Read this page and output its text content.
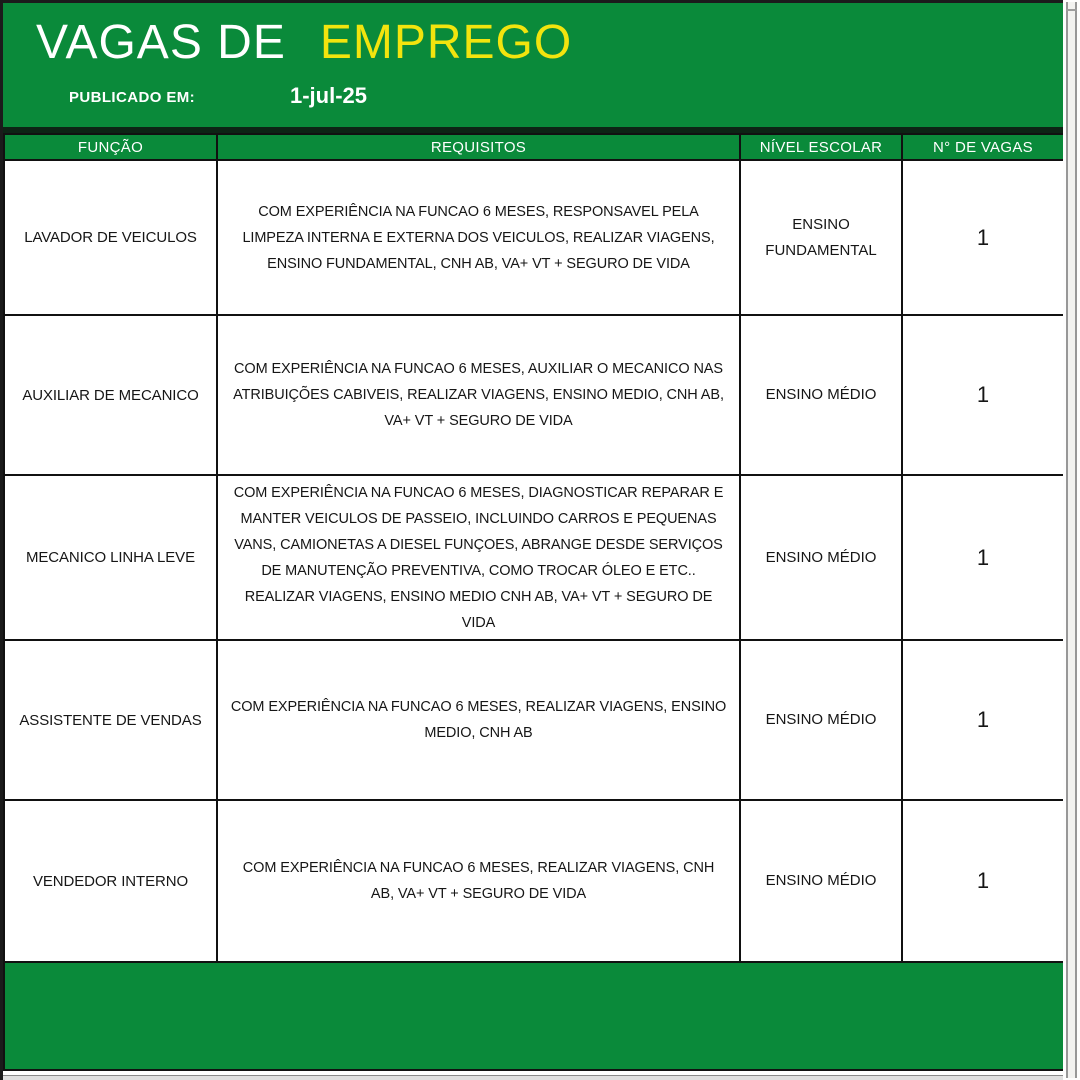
VAGAS DE EMPREGO
PUBLICADO EM:	1-jul-25
FUNÇÃO	REQUISITOS	NÍVEL ESCOLAR	N° DE VAGAS
LAVADOR DE VEICULOS	COM EXPERIÊNCIA NA FUNCAO 6 MESES, RESPONSAVEL PELA LIMPEZA INTERNA E EXTERNA DOS VEICULOS, REALIZAR VIAGENS, ENSINO FUNDAMENTAL, CNH AB, VA+ VT + SEGURO DE VIDA	ENSINO FUNDAMENTAL	1
AUXILIAR DE MECANICO	COM EXPERIÊNCIA NA FUNCAO 6 MESES, AUXILIAR O MECANICO NAS ATRIBUIÇÕES CABIVEIS, REALIZAR VIAGENS, ENSINO MEDIO, CNH AB, VA+ VT + SEGURO DE VIDA	ENSINO MÉDIO	1
MECANICO LINHA LEVE	COM EXPERIÊNCIA NA FUNCAO 6 MESES, DIAGNOSTICAR REPARAR E MANTER VEICULOS DE PASSEIO, INCLUINDO CARROS E PEQUENAS VANS, CAMIONETAS A DIESEL FUNÇOES, ABRANGE DESDE SERVIÇOS DE MANUTENÇÃO PREVENTIVA, COMO TROCAR ÓLEO E ETC.. REALIZAR VIAGENS, ENSINO MEDIO CNH AB, VA+ VT + SEGURO DE VIDA	ENSINO MÉDIO	1
ASSISTENTE DE VENDAS	COM EXPERIÊNCIA NA FUNCAO 6 MESES, REALIZAR VIAGENS, ENSINO MEDIO, CNH AB	ENSINO MÉDIO	1
VENDEDOR INTERNO	COM EXPERIÊNCIA NA FUNCAO 6 MESES, REALIZAR VIAGENS, CNH AB, VA+ VT + SEGURO DE VIDA	ENSINO MÉDIO	1
